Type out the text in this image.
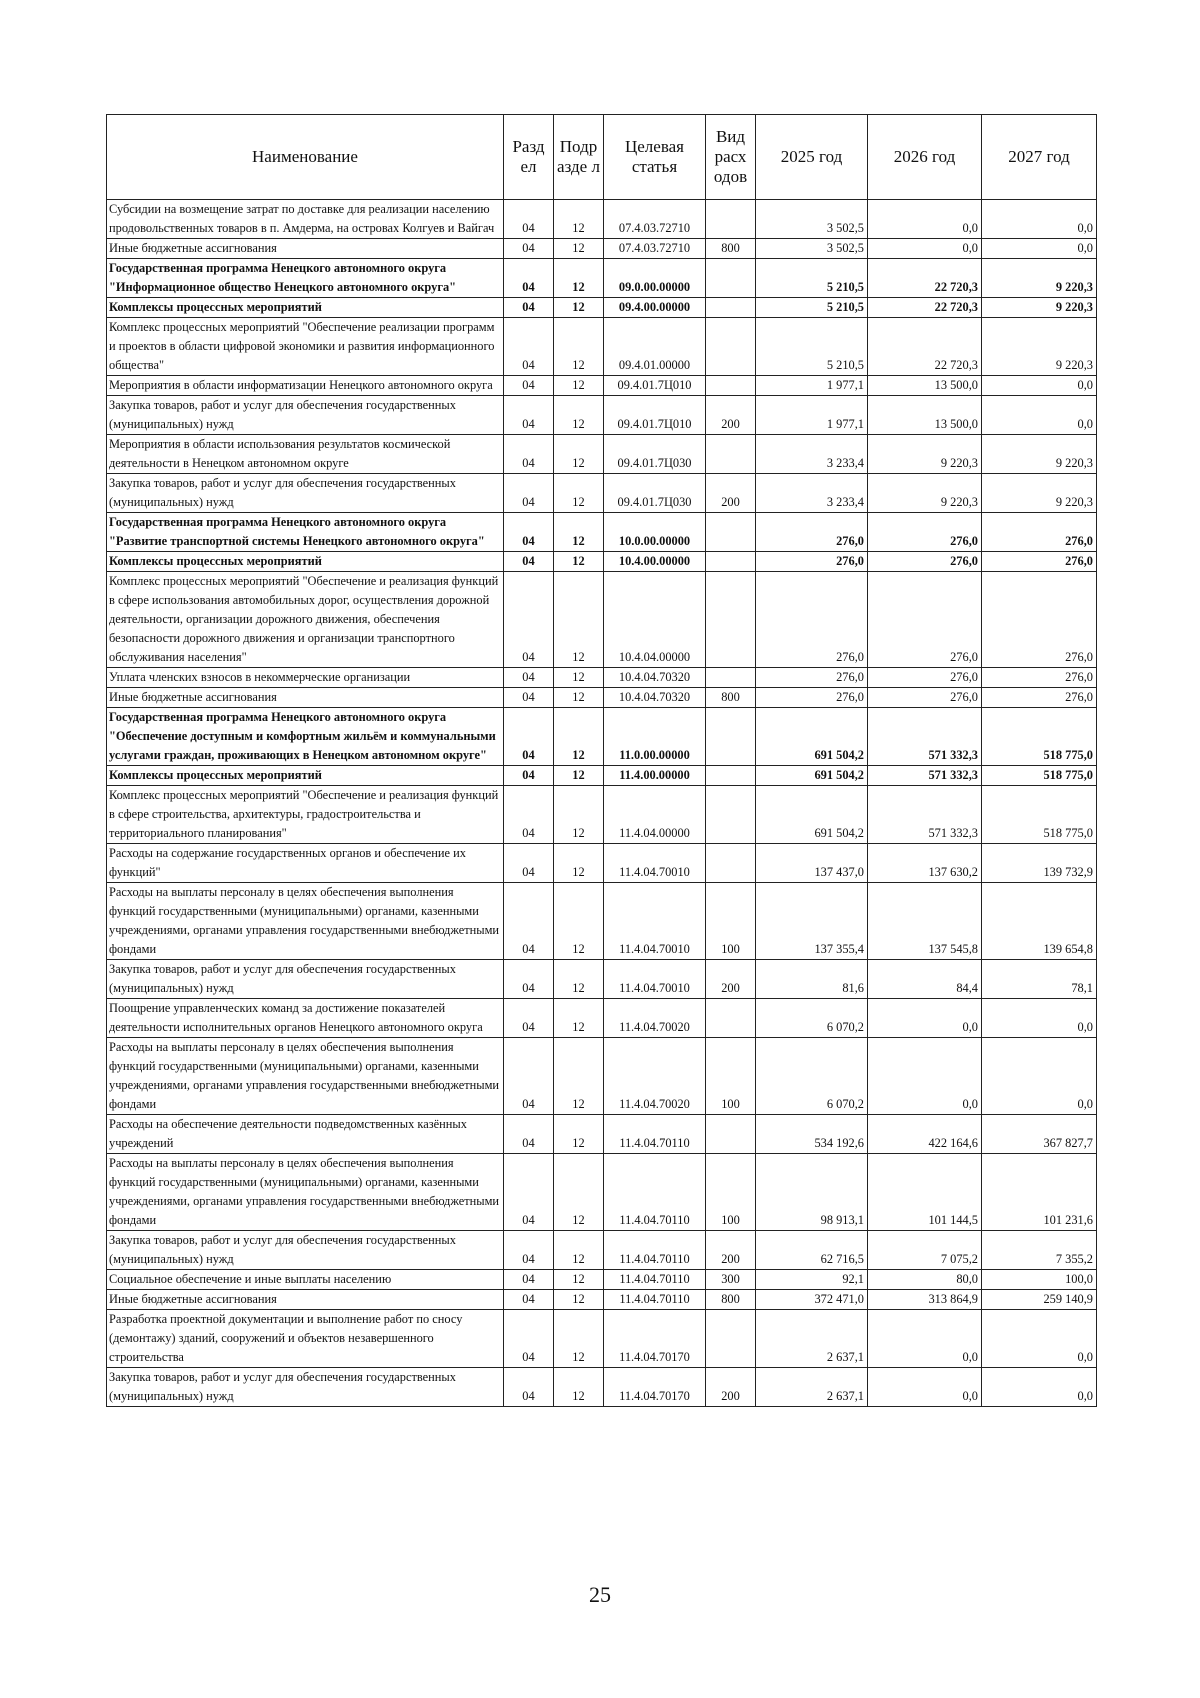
Наименование	Разд ел	Подр азде л	Целевая статья	Вид расх одов	2025 год	2026 год	2027 год
Субсидии на возмещение затрат по доставке для реализации населению продовольственных товаров в п. Амдерма, на островах Колгуев и Вайгач	04	12	07.4.03.72710		3 502,5	0,0	0,0
Иные бюджетные ассигнования	04	12	07.4.03.72710	800	3 502,5	0,0	0,0
Государственная программа Ненецкого автономного округа "Информационное общество Ненецкого автономного округа"	04	12	09.0.00.00000		5 210,5	22 720,3	9 220,3
Комплексы процессных мероприятий	04	12	09.4.00.00000		5 210,5	22 720,3	9 220,3
Комплекс процессных мероприятий "Обеспечение реализации программ и проектов в области цифровой экономики и развития информационного общества"	04	12	09.4.01.00000		5 210,5	22 720,3	9 220,3
Мероприятия в области информатизации Ненецкого автономного округа	04	12	09.4.01.7Ц010		1 977,1	13 500,0	0,0
Закупка товаров, работ и услуг для обеспечения государственных (муниципальных) нужд	04	12	09.4.01.7Ц010	200	1 977,1	13 500,0	0,0
Мероприятия в области использования результатов космической деятельности в Ненецком автономном округе	04	12	09.4.01.7Ц030		3 233,4	9 220,3	9 220,3
Закупка товаров, работ и услуг для обеспечения государственных (муниципальных) нужд	04	12	09.4.01.7Ц030	200	3 233,4	9 220,3	9 220,3
Государственная программа Ненецкого автономного округа "Развитие транспортной системы Ненецкого автономного округа"	04	12	10.0.00.00000		276,0	276,0	276,0
Комплексы процессных мероприятий	04	12	10.4.00.00000		276,0	276,0	276,0
Комплекс процессных мероприятий "Обеспечение и реализация функций в сфере использования автомобильных дорог, осуществления дорожной деятельности, организации дорожного движения, обеспечения безопасности дорожного движения и организации транспортного обслуживания населения"	04	12	10.4.04.00000		276,0	276,0	276,0
Уплата членских взносов в некоммерческие организации	04	12	10.4.04.70320		276,0	276,0	276,0
Иные бюджетные ассигнования	04	12	10.4.04.70320	800	276,0	276,0	276,0
Государственная программа Ненецкого автономного округа "Обеспечение доступным и комфортным жильём и коммунальными услугами граждан, проживающих в Ненецком автономном округе"	04	12	11.0.00.00000		691 504,2	571 332,3	518 775,0
Комплексы процессных мероприятий	04	12	11.4.00.00000		691 504,2	571 332,3	518 775,0
Комплекс процессных мероприятий "Обеспечение и реализация функций в сфере строительства, архитектуры, градостроительства и территориального планирования"	04	12	11.4.04.00000		691 504,2	571 332,3	518 775,0
Расходы на содержание государственных органов и обеспечение их функций"	04	12	11.4.04.70010		137 437,0	137 630,2	139 732,9
Расходы на выплаты персоналу в целях обеспечения выполнения функций государственными (муниципальными) органами, казенными учреждениями, органами управления государственными внебюджетными фондами	04	12	11.4.04.70010	100	137 355,4	137 545,8	139 654,8
Закупка товаров, работ и услуг для обеспечения государственных (муниципальных) нужд	04	12	11.4.04.70010	200	81,6	84,4	78,1
Поощрение управленческих команд за достижение показателей деятельности исполнительных органов Ненецкого автономного округа	04	12	11.4.04.70020		6 070,2	0,0	0,0
Расходы на выплаты персоналу в целях обеспечения выполнения функций государственными (муниципальными) органами, казенными учреждениями, органами управления государственными внебюджетными фондами	04	12	11.4.04.70020	100	6 070,2	0,0	0,0
Расходы на обеспечение деятельности подведомственных казённых учреждений	04	12	11.4.04.70110		534 192,6	422 164,6	367 827,7
Расходы на выплаты персоналу в целях обеспечения выполнения функций государственными (муниципальными) органами, казенными учреждениями, органами управления государственными внебюджетными фондами	04	12	11.4.04.70110	100	98 913,1	101 144,5	101 231,6
Закупка товаров, работ и услуг для обеспечения государственных (муниципальных) нужд	04	12	11.4.04.70110	200	62 716,5	7 075,2	7 355,2
Социальное обеспечение и иные выплаты населению	04	12	11.4.04.70110	300	92,1	80,0	100,0
Иные бюджетные ассигнования	04	12	11.4.04.70110	800	372 471,0	313 864,9	259 140,9
Разработка проектной документации и выполнение работ по сносу (демонтажу) зданий, сооружений и объектов незавершенного строительства	04	12	11.4.04.70170		2 637,1	0,0	0,0
Закупка товаров, работ и услуг для обеспечения государственных (муниципальных) нужд	04	12	11.4.04.70170	200	2 637,1	0,0	0,0
25
